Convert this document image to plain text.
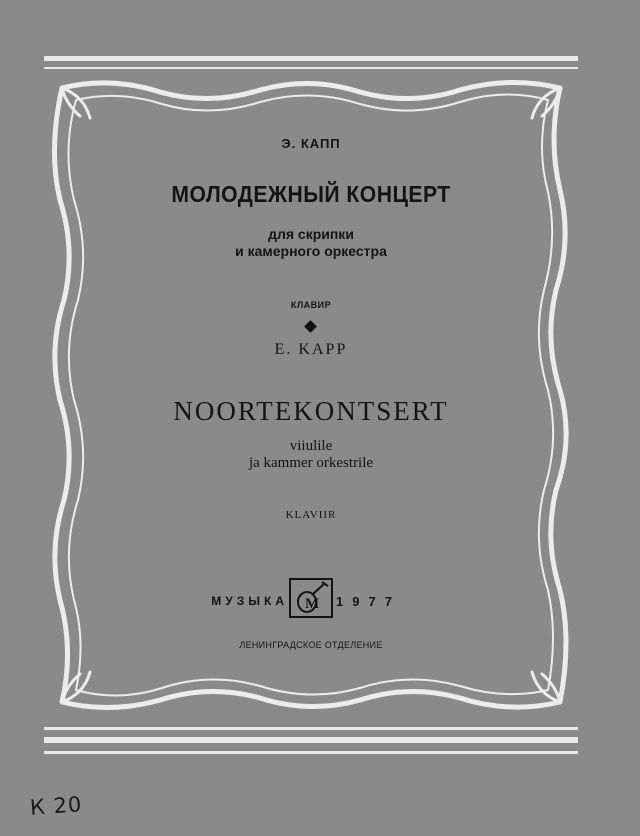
Э. КАПП
МОЛОДЕЖНЫЙ КОНЦЕРТ
для скрипки
и камерного оркестра
КЛАВИР
E. KAPP
NOORTEKONTSERT
viiulile
ja kammer orkestrile
KLAVIIR
МУЗЫКА М 1977
ЛЕНИНГРАДСКОЕ ОТДЕЛЕНИЕ
К 20
